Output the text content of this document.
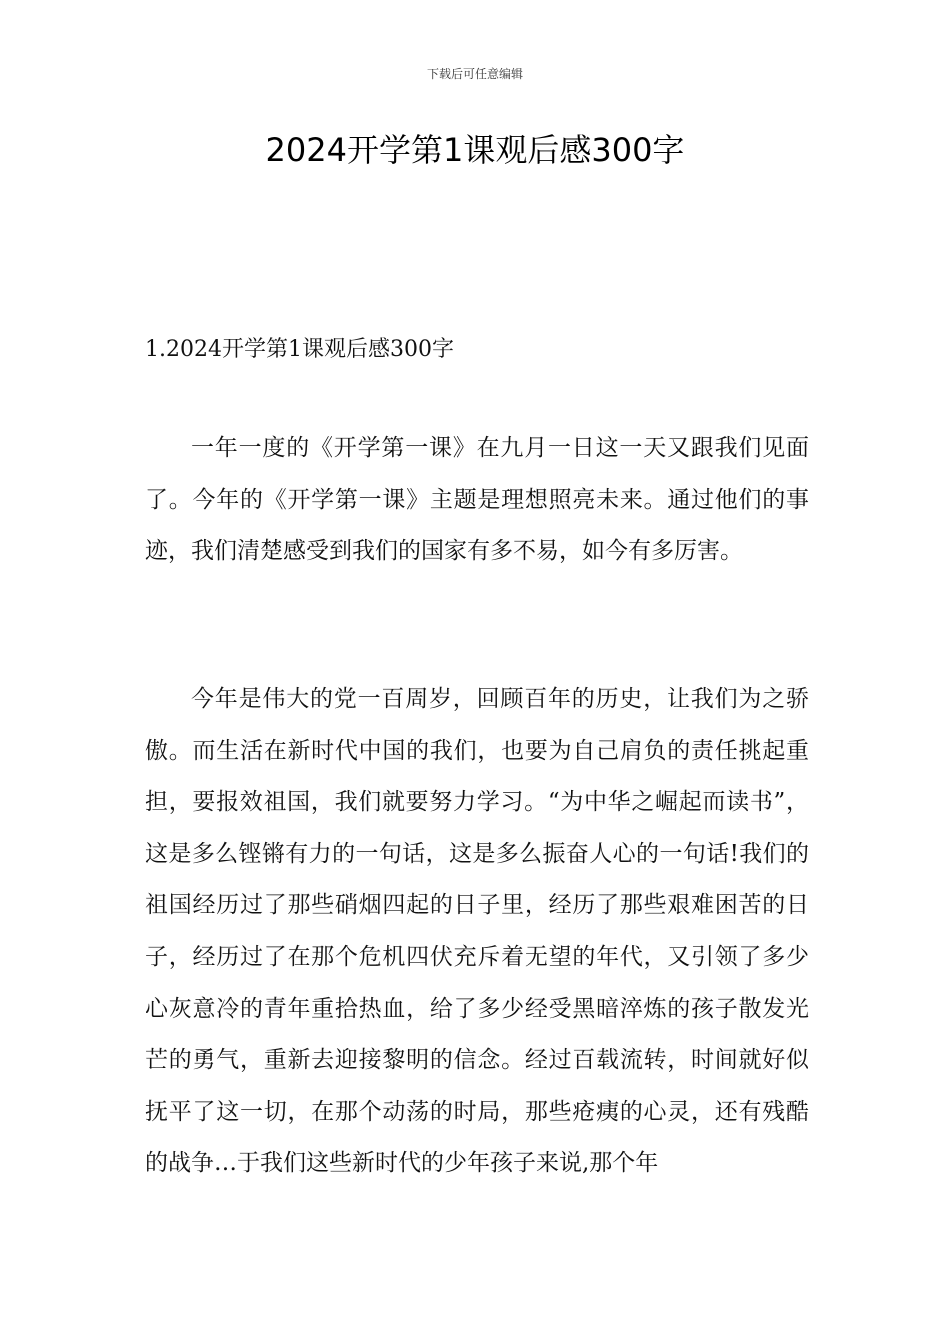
下载后可任意编辑
2024开学第1课观后感300字
1.2024开学第1课观后感300字

一年一度的《开学第一课》在九月一日这一天又跟我们见面了。今年的《开学第一课》主题是理想照亮未来。通过他们的事迹，我们清楚感受到我们的国家有多不易，如今有多厉害。

今年是伟大的党一百周岁，回顾百年的历史，让我们为之骄傲。而生活在新时代中国的我们，也要为自己肩负的责任挑起重担，要报效祖国，我们就要努力学习。“为中华之崛起而读书”，这是多么铿锵有力的一句话，这是多么振奋人心的一句话!我们的祖国经历过了那些硝烟四起的日子里，经历了那些艰难困苦的日子，经历过了在那个危机四伏充斥着无望的年代，又引领了多少心灰意冷的青年重拾热血，给了多少经受黑暗淬炼的孩子散发光芒的勇气，重新去迎接黎明的信念。经过百载流转，时间就好似抚平了这一切，在那个动荡的时局，那些疮痍的心灵，还有残酷的战争…于我们这些新时代的少年孩子来说,那个年
